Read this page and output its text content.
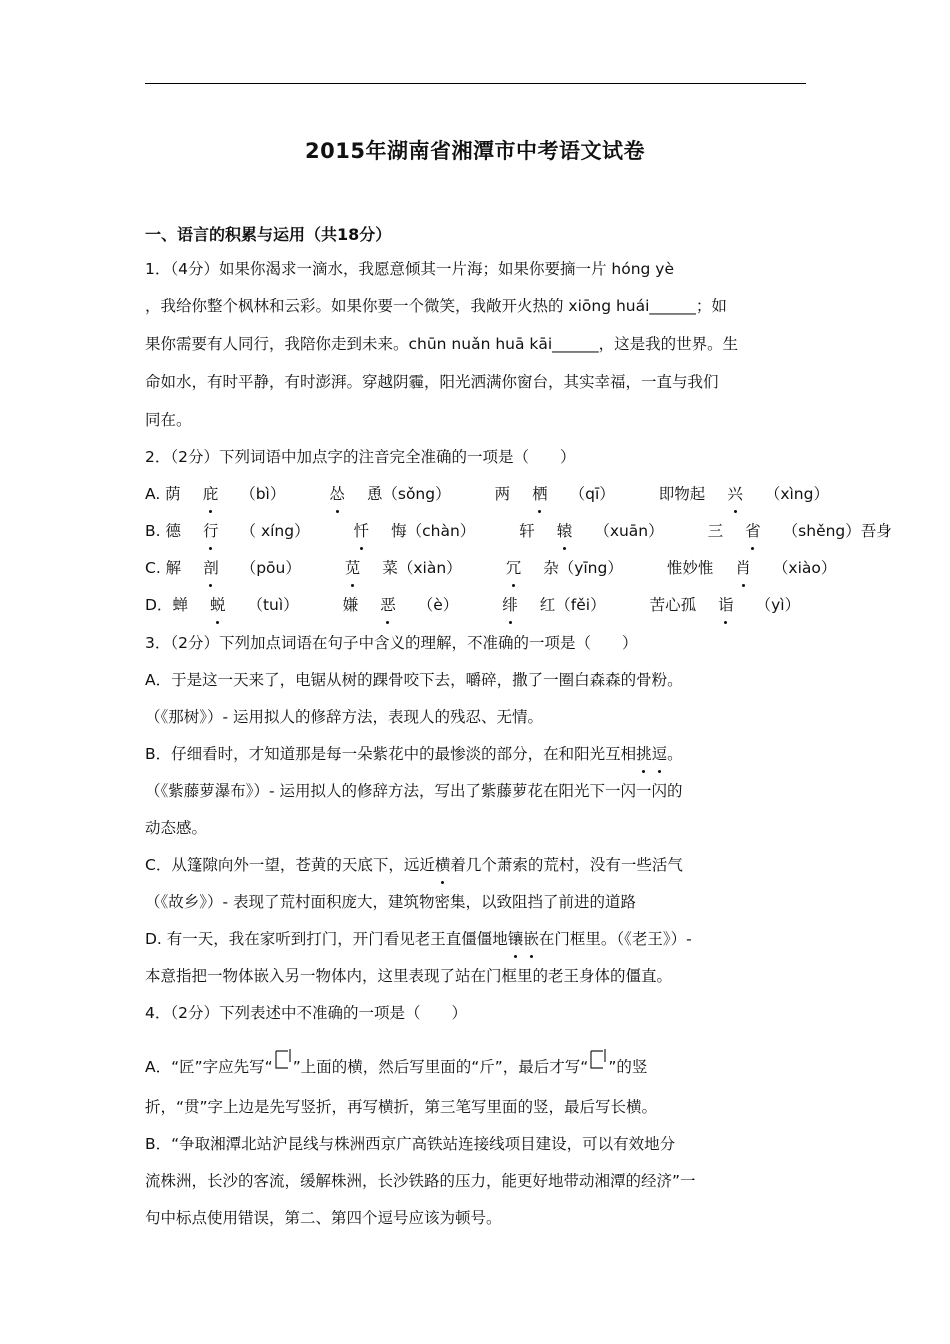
2015年湖南省湘潭市中考语文试卷
一、语言的积累与运用（共18分）
1．（4分）如果你渴求一滴水，我愿意倾其一片海；如果你要摘一片 hóng yè
，我给你整个枫林和云彩。如果你要一个微笑，我敞开火热的 xiōng huái______；如
果你需要有人同行，我陪你走到未来。chūn nuǎn huā kāi______，这是我的世界。生
命如水，有时平静，有时澎湃。穿越阴霾，阳光洒满你窗台，其实幸福，一直与我们
同在。
2．（2分）下列词语中加点字的注音完全准确的一项是（　　）
A. 荫 庇 （bì）	怂 恿（sǒng）	两 栖 （qī）	即物起 兴 （xìng）
B. 德 行 （ xíng）	忏 悔（chàn）	轩 辕 （xuān）	三 省 （shěng）吾身
C. 解 剖 （pōu）	苋 菜（xiàn）	冗 杂（yīng）	惟妙惟 肖 （xiào）
D．蝉 蜕 （tuì）	嫌 恶 （è）	绯 红（fěi）	苦心孤 诣 （yì）
3．（2分）下列加点词语在句子中含义的理解，不准确的一项是（　　）
A．于是这一天来了，电锯从树的踝骨咬下去，嚼碎，撒了一圈白森森的骨粉。
（《那树》）- 运用拟人的修辞方法，表现人的残忍、无情。
B．仔细看时，才知道那是每一朵紫花中的最惨淡的部分，在和阳光互相挑逗。
（《紫藤萝瀑布》）- 运用拟人的修辞方法，写出了紫藤萝花在阳光下一闪一闪的
动态感。
C．从篷隙向外一望，苍黄的天底下，远近横着几个萧索的荒村，没有一些活气
（《故乡》）- 表现了荒村面积庞大，建筑物密集，以致阻挡了前进的道路
D. 有一天，我在家听到打门，开门看见老王直僵僵地镶嵌在门框里。（《老王》）-
本意指把一物体嵌入另一物体内，这里表现了站在门框里的老王身体的僵直。
4．（2分）下列表述中不准确的一项是（　　）
A．“匠”字应先写“ ”上面的横，然后写里面的“斤”，最后才写“ ”的竖
折，“贯”字上边是先写竖折，再写横折，第三笔写里面的竖，最后写长横。
B．“争取湘潭北站沪昆线与株洲西京广高铁站连接线项目建设，可以有效地分
流株洲，长沙的客流，缓解株洲，长沙铁路的压力，能更好地带动湘潭的经济”一
句中标点使用错误，第二、第四个逗号应该为顿号。
